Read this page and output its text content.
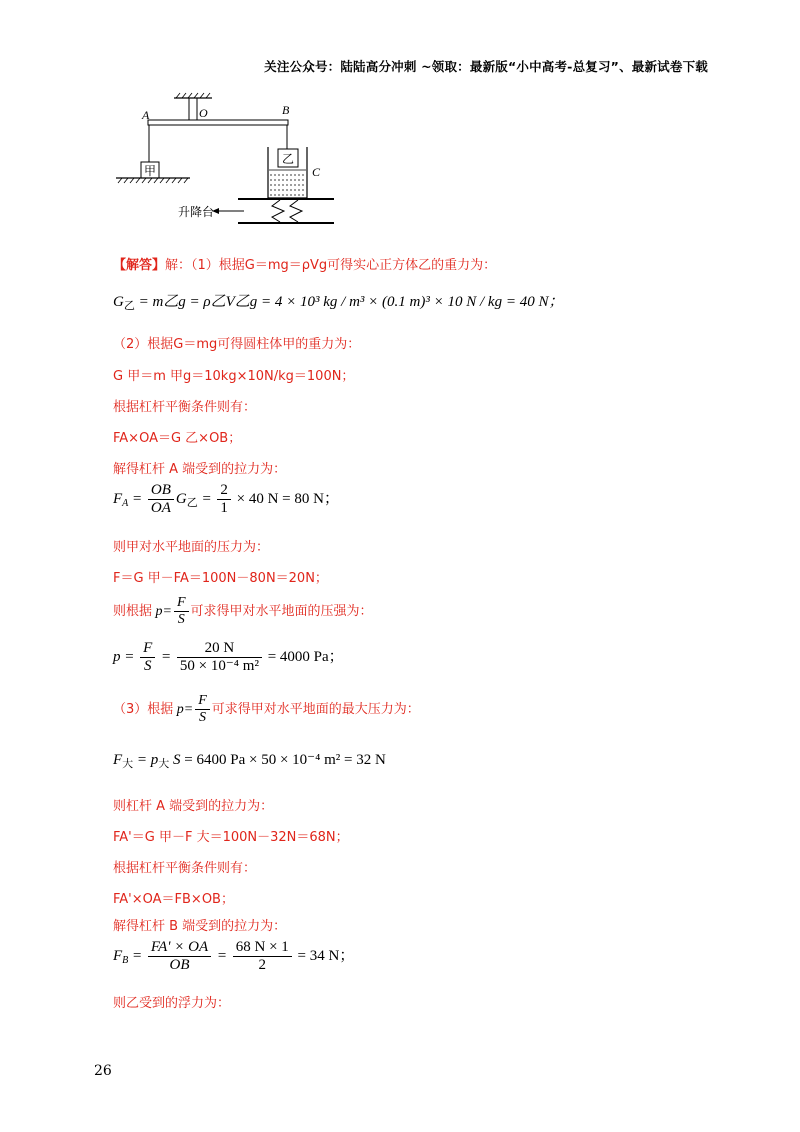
关注公众号：陆陆高分冲刺 ~领取：最新版“小中高考-总复习”、最新试卷下载
甲
乙
A	O	B
C
升降台
【解答】解：（1）根据G＝mg＝ρVg可得实心正方体乙的重力为：
$G_乙 = m$乙g = ρ乙V乙g = 4 × 10³ kg / m³ × (0.1 m)³ × 10 N / kg = 40 N；
（2）根据G＝mg可得圆柱体甲的重力为：
G 甲＝m 甲g＝10kg×10N/kg＝100N；
根据杠杆平衡条件则有：
FA×OA＝G 乙×OB；
解得杠杆 A 端受到的拉力为：
$F_A = \frac{OB}{OA} G_乙 = \frac{2}{1} \times 40$ N = 80 N；
则甲对水平地面的压力为：
F＝G 甲－FA＝100N－80N＝20N；
则根据 $p= \frac{F}{S}$ 可求得甲对水平地面的压强为：
$p = \frac{F}{S} = \frac{20 N}{\text{50 × 10⁻⁴ m²}} = 4000$ Pa；
（3）根据 $p= \frac{F}{S}$ 可求得甲对水平地面的最大压力为：
$F_大 = p_大$ S = 6400 Pa × 50 × 10⁻⁴ m² = 32 N
则杠杆 A 端受到的拉力为：
FA'＝G 甲－F 大＝100N－32N＝68N；
根据杠杆平衡条件则有：
FA'×OA＝FB×OB；
解得杠杆 B 端受到的拉力为：
$F_B = \frac{FA' \times OA}{OB} = \frac{68 N \times 1}{2} = 34$ N；
则乙受到的浮力为：
26
